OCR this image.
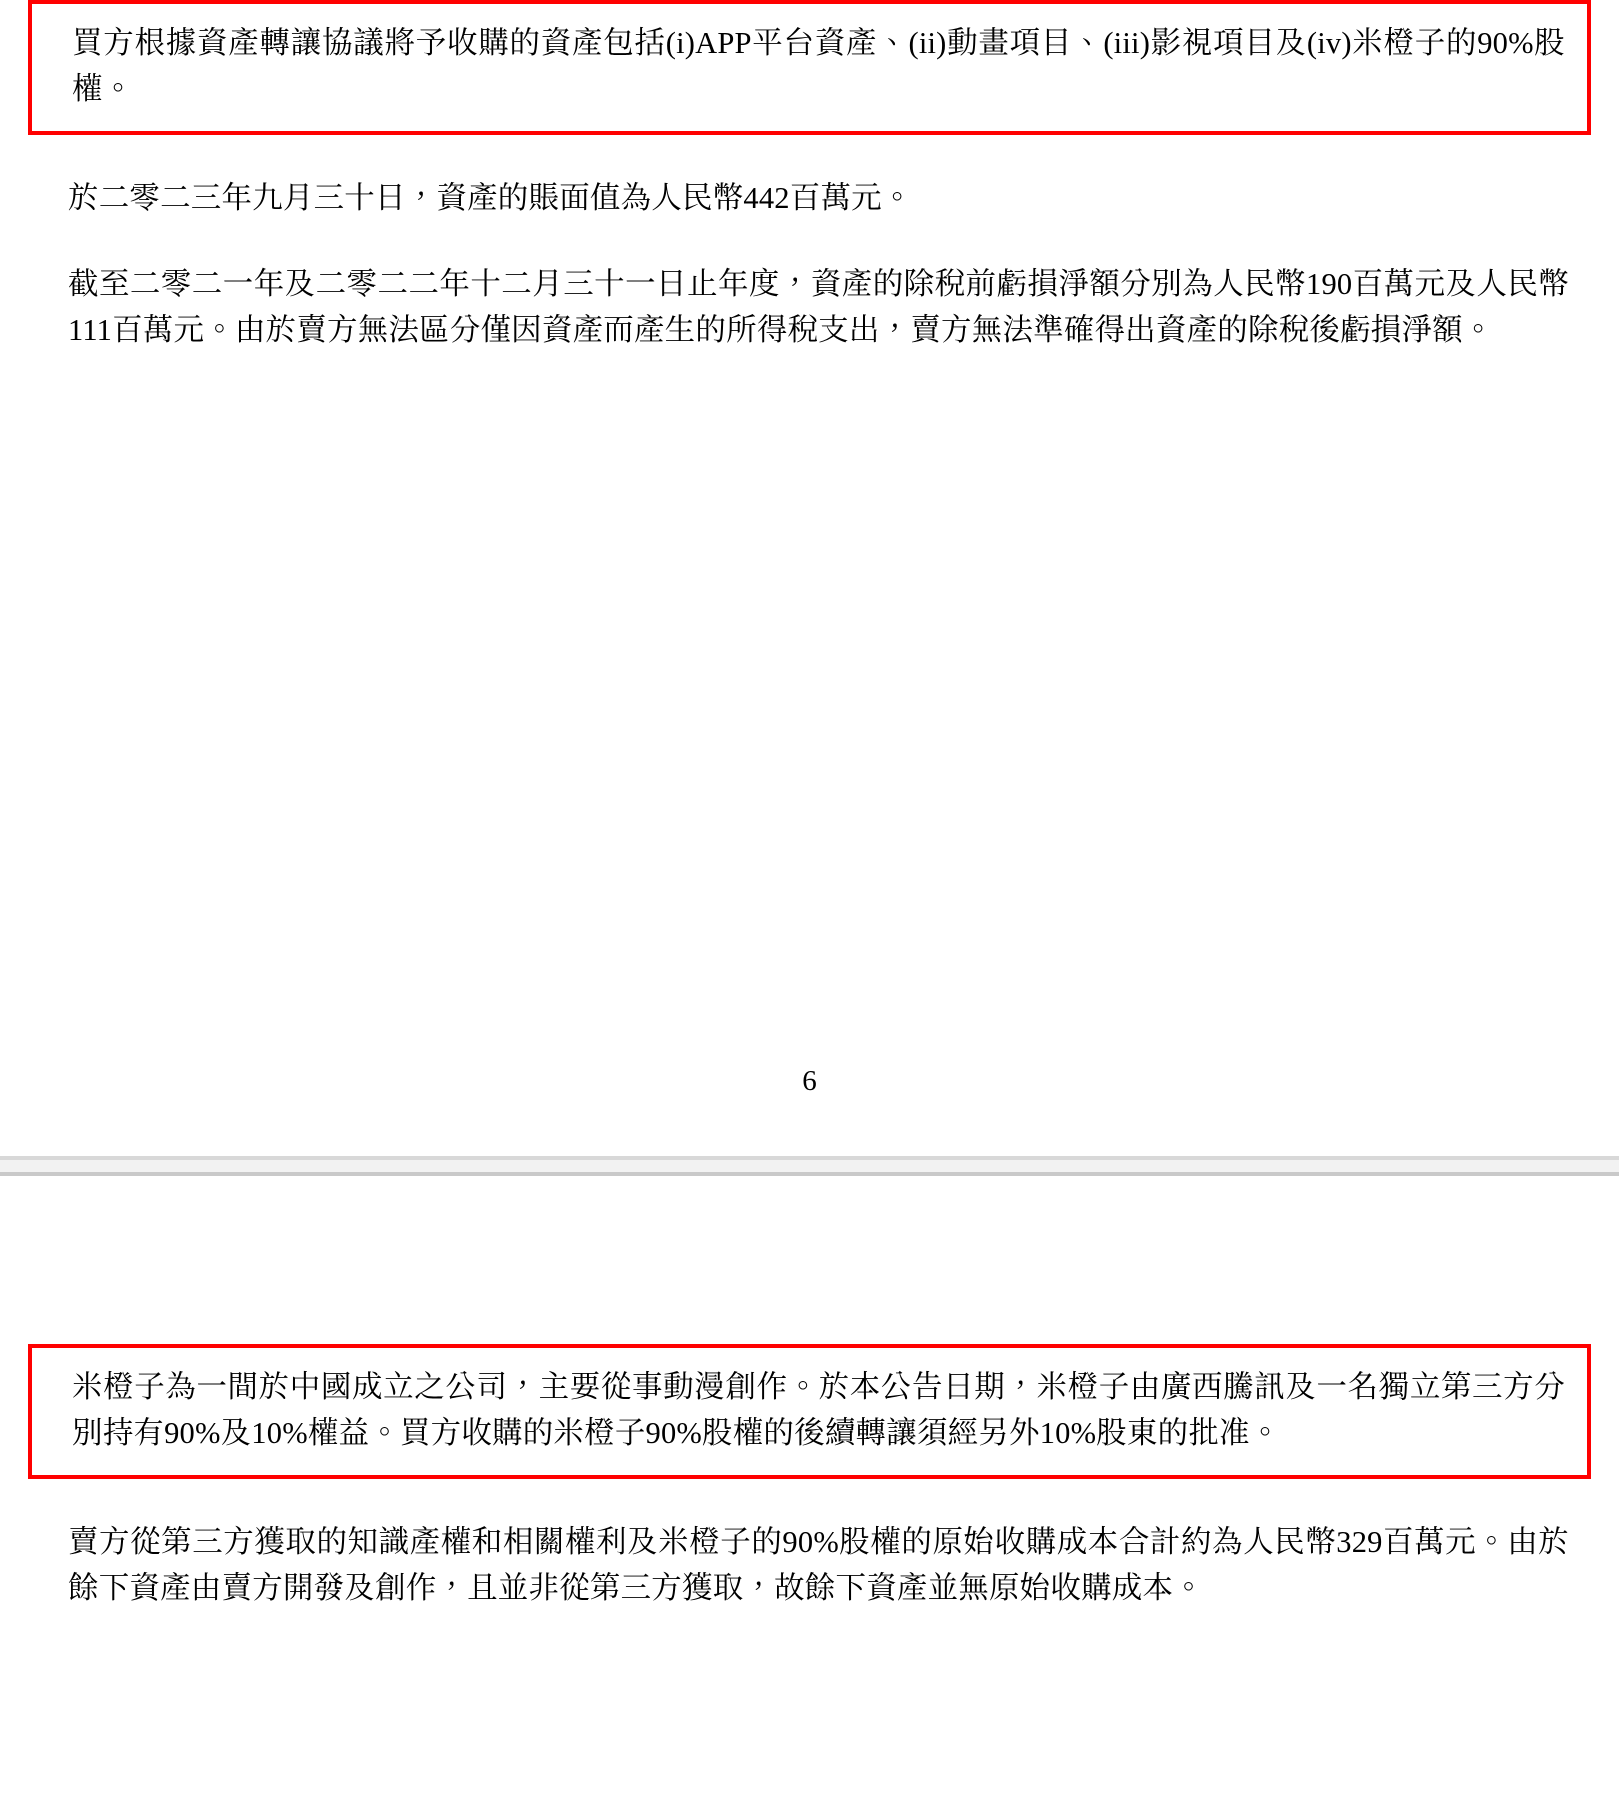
買方根據資產轉讓協議將予收購的資產包括(i)APP平台資產、(ii)動畫項目、(iii)影視項目及(iv)米橙子的90%股權。

於二零二三年九月三十日，資產的賬面值為人民幣442百萬元。

截至二零二一年及二零二二年十二月三十一日止年度，資產的除稅前虧損淨額分別為人民幣190百萬元及人民幣111百萬元。由於賣方無法區分僅因資產而產生的所得稅支出，賣方無法準確得出資產的除稅後虧損淨額。

6

米橙子為一間於中國成立之公司，主要從事動漫創作。於本公告日期，米橙子由廣西騰訊及一名獨立第三方分別持有90%及10%權益。買方收購的米橙子90%股權的後續轉讓須經另外10%股東的批准。

賣方從第三方獲取的知識產權和相關權利及米橙子的90%股權的原始收購成本合計約為人民幣329百萬元。由於餘下資產由賣方開發及創作，且並非從第三方獲取，故餘下資產並無原始收購成本。
